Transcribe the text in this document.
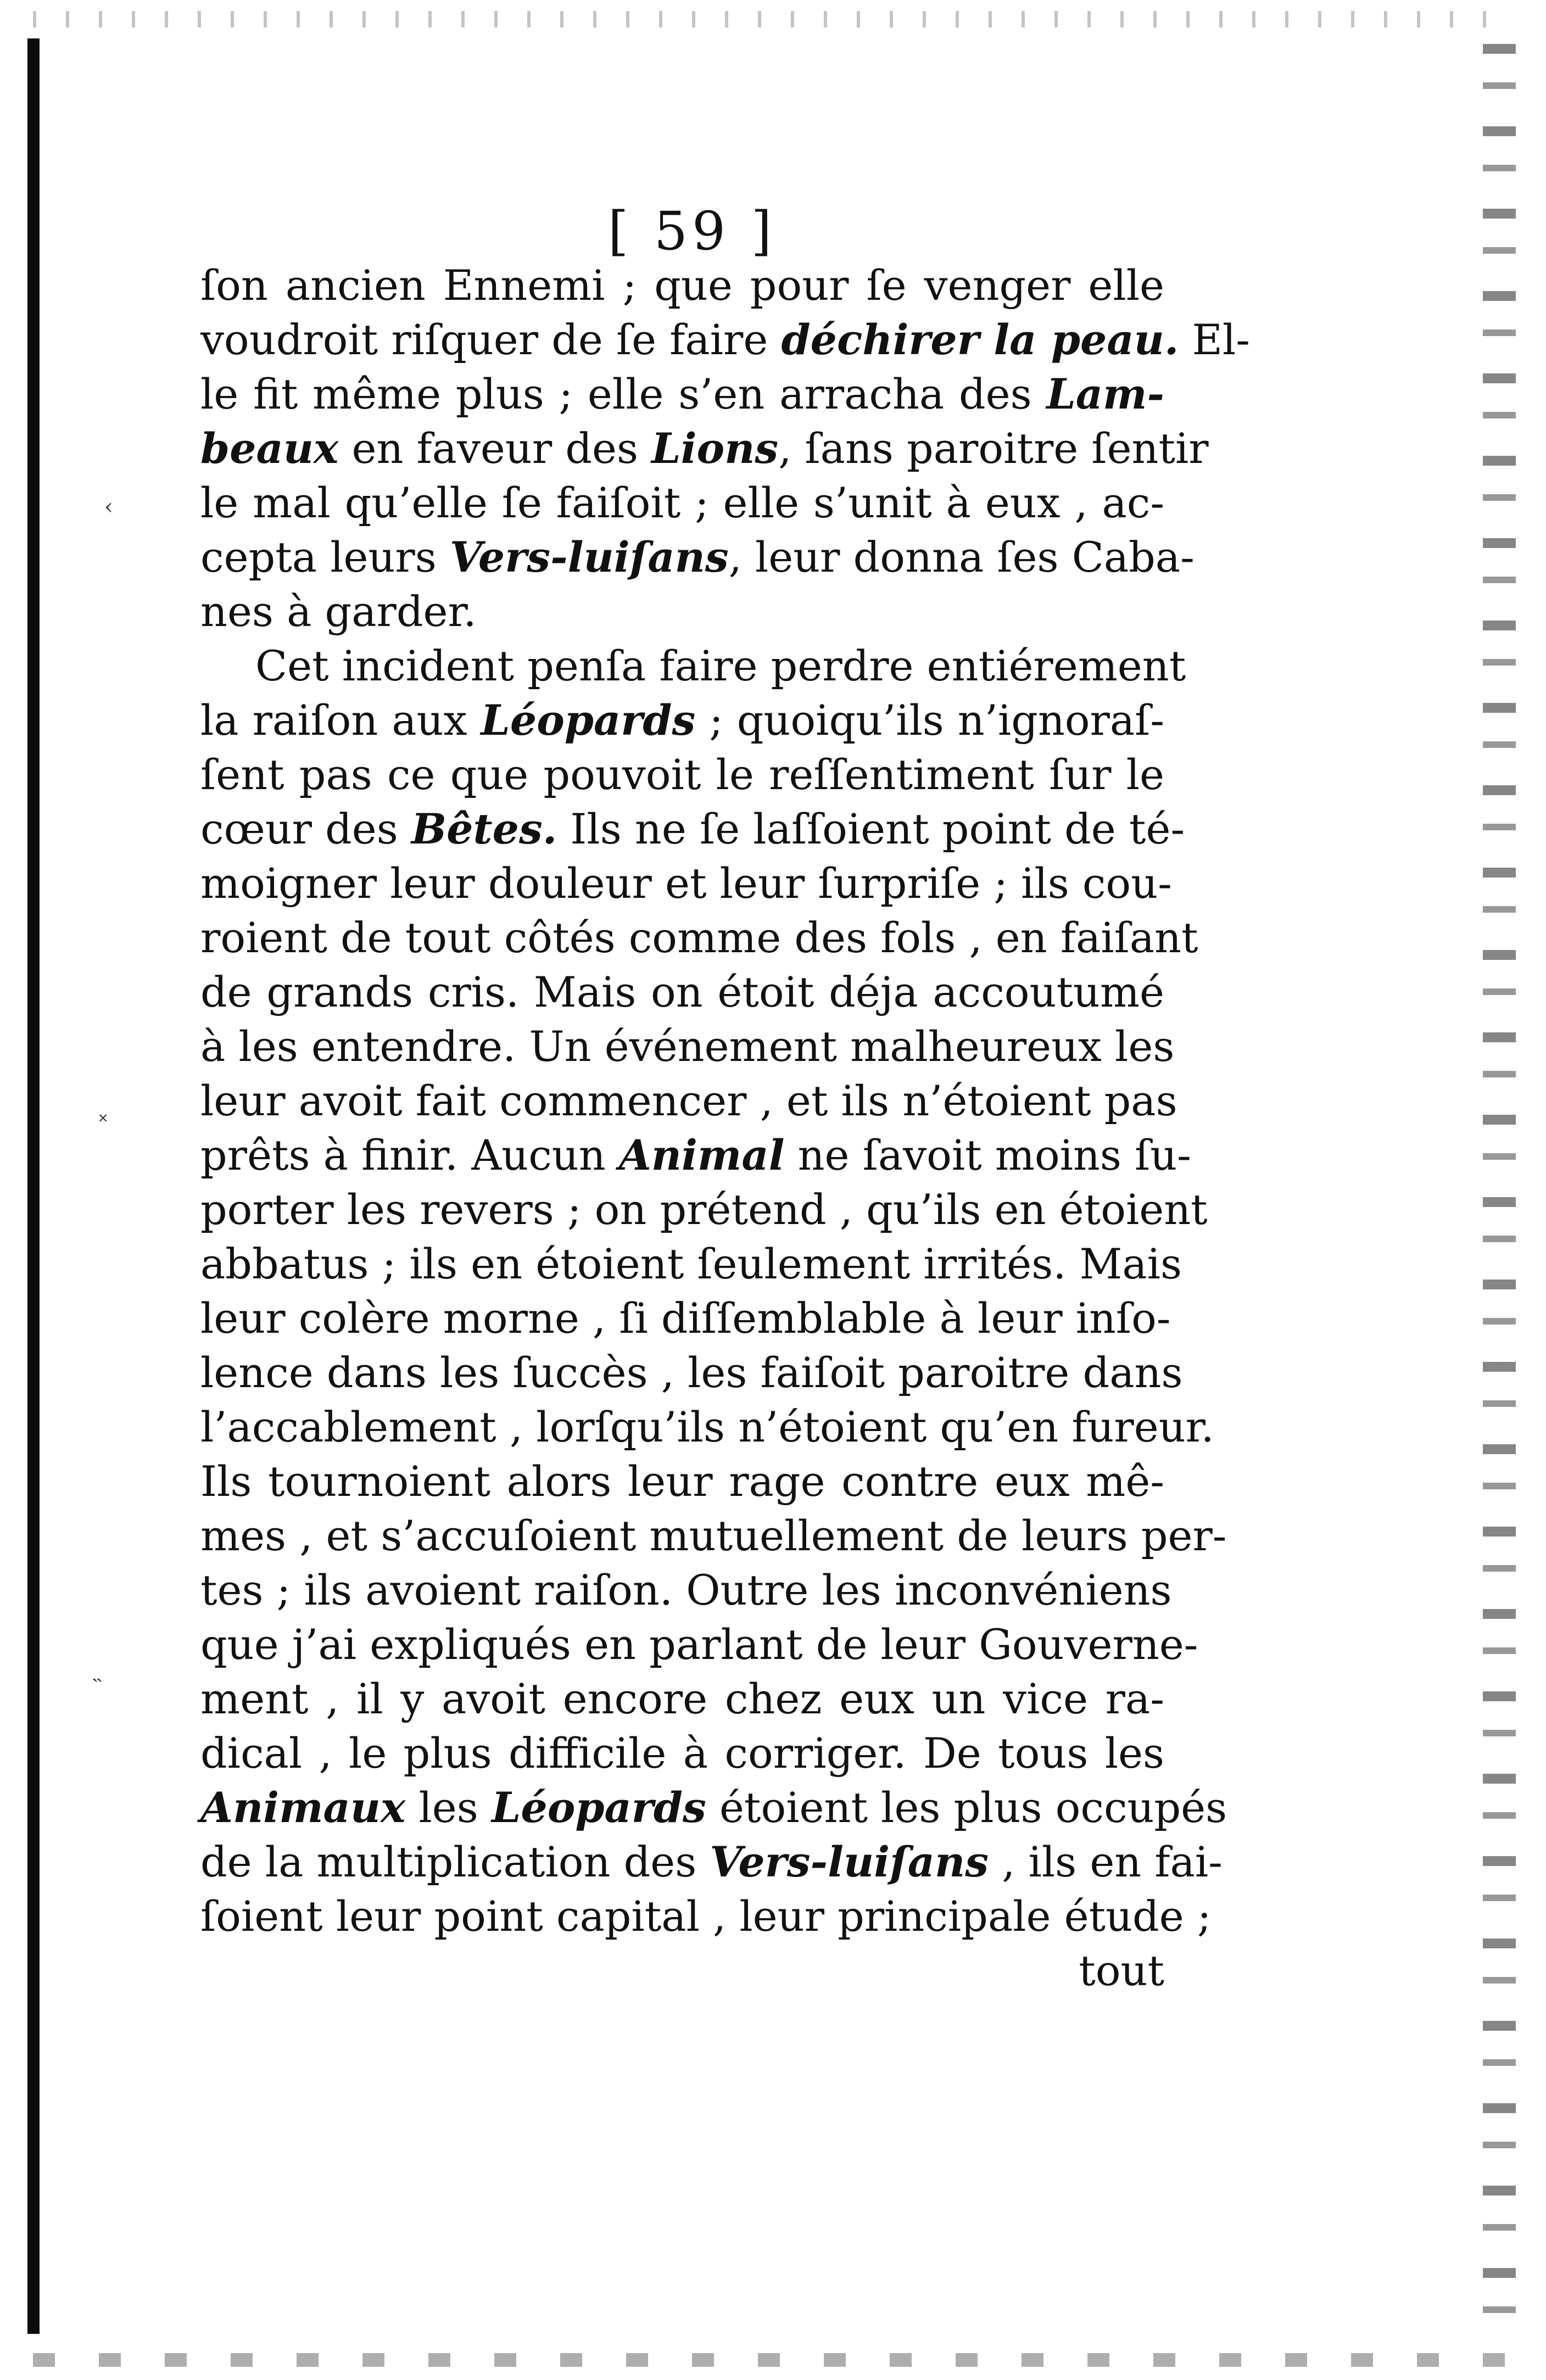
‹
˟
˵
[ 59 ]
ſon ancien Ennemi ; que pour ſe venger elle
voudroit riſquer de ſe faire déchirer la peau. El-
le fit même plus ; elle s’en arracha des Lam-
beaux en faveur des Lions, ſans paroitre ſentir
le mal qu’elle ſe faiſoit ; elle s’unit à eux , ac-
cepta leurs Vers-luiſans, leur donna ſes Caba-
nes à garder.
Cet incident penſa faire perdre entiérement
la raiſon aux Léopards ; quoiqu’ils n’ignoraſ-
ſent pas ce que pouvoit le reſſentiment ſur le
cœur des Bêtes. Ils ne ſe laſſoient point de té-
moigner leur douleur et leur ſurpriſe ; ils cou-
roient de tout côtés comme des fols , en faiſant
de grands cris. Mais on étoit déja accoutumé
à les entendre. Un événement malheureux les
leur avoit fait commencer , et ils n’étoient pas
prêts à finir. Aucun Animal ne ſavoit moins ſu-
porter les revers ; on prétend , qu’ils en étoient
abbatus ; ils en étoient ſeulement irrités. Mais
leur colère morne , ſi diſſemblable à leur inſo-
lence dans les ſuccès , les faiſoit paroitre dans
l’accablement , lorſqu’ils n’étoient qu’en fureur.
Ils tournoient alors leur rage contre eux mê-
mes , et s’accuſoient mutuellement de leurs per-
tes ; ils avoient raiſon. Outre les inconvéniens
que j’ai expliqués en parlant de leur Gouverne-
ment , il y avoit encore chez eux un vice ra-
dical , le plus difficile à corriger. De tous les
Animaux les Léopards étoient les plus occupés
de la multiplication des Vers-luiſans , ils en fai-
ſoient leur point capital , leur principale étude ;
tout
